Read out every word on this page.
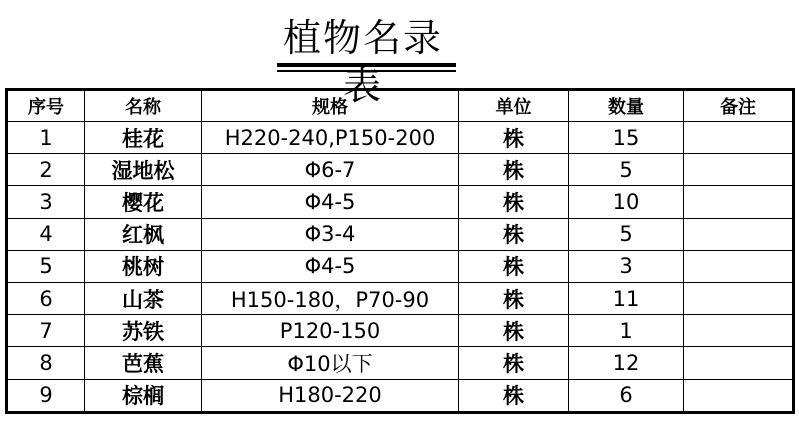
植物名录表
序号	名称	规格	单位	数量	备注
1	桂花	H220-240,P150-200	株	15	
2	湿地松	Φ6-7	株	5	
3	樱花	Φ4-5	株	10	
4	红枫	Φ3-4	株	5	
5	桃树	Φ4-5	株	3	
6	山茶	H150-180，P70-90	株	11	
7	苏铁	P120-150	株	1	
8	芭蕉	Φ10以下	株	12	
9	棕榈	H180-220	株	6	
